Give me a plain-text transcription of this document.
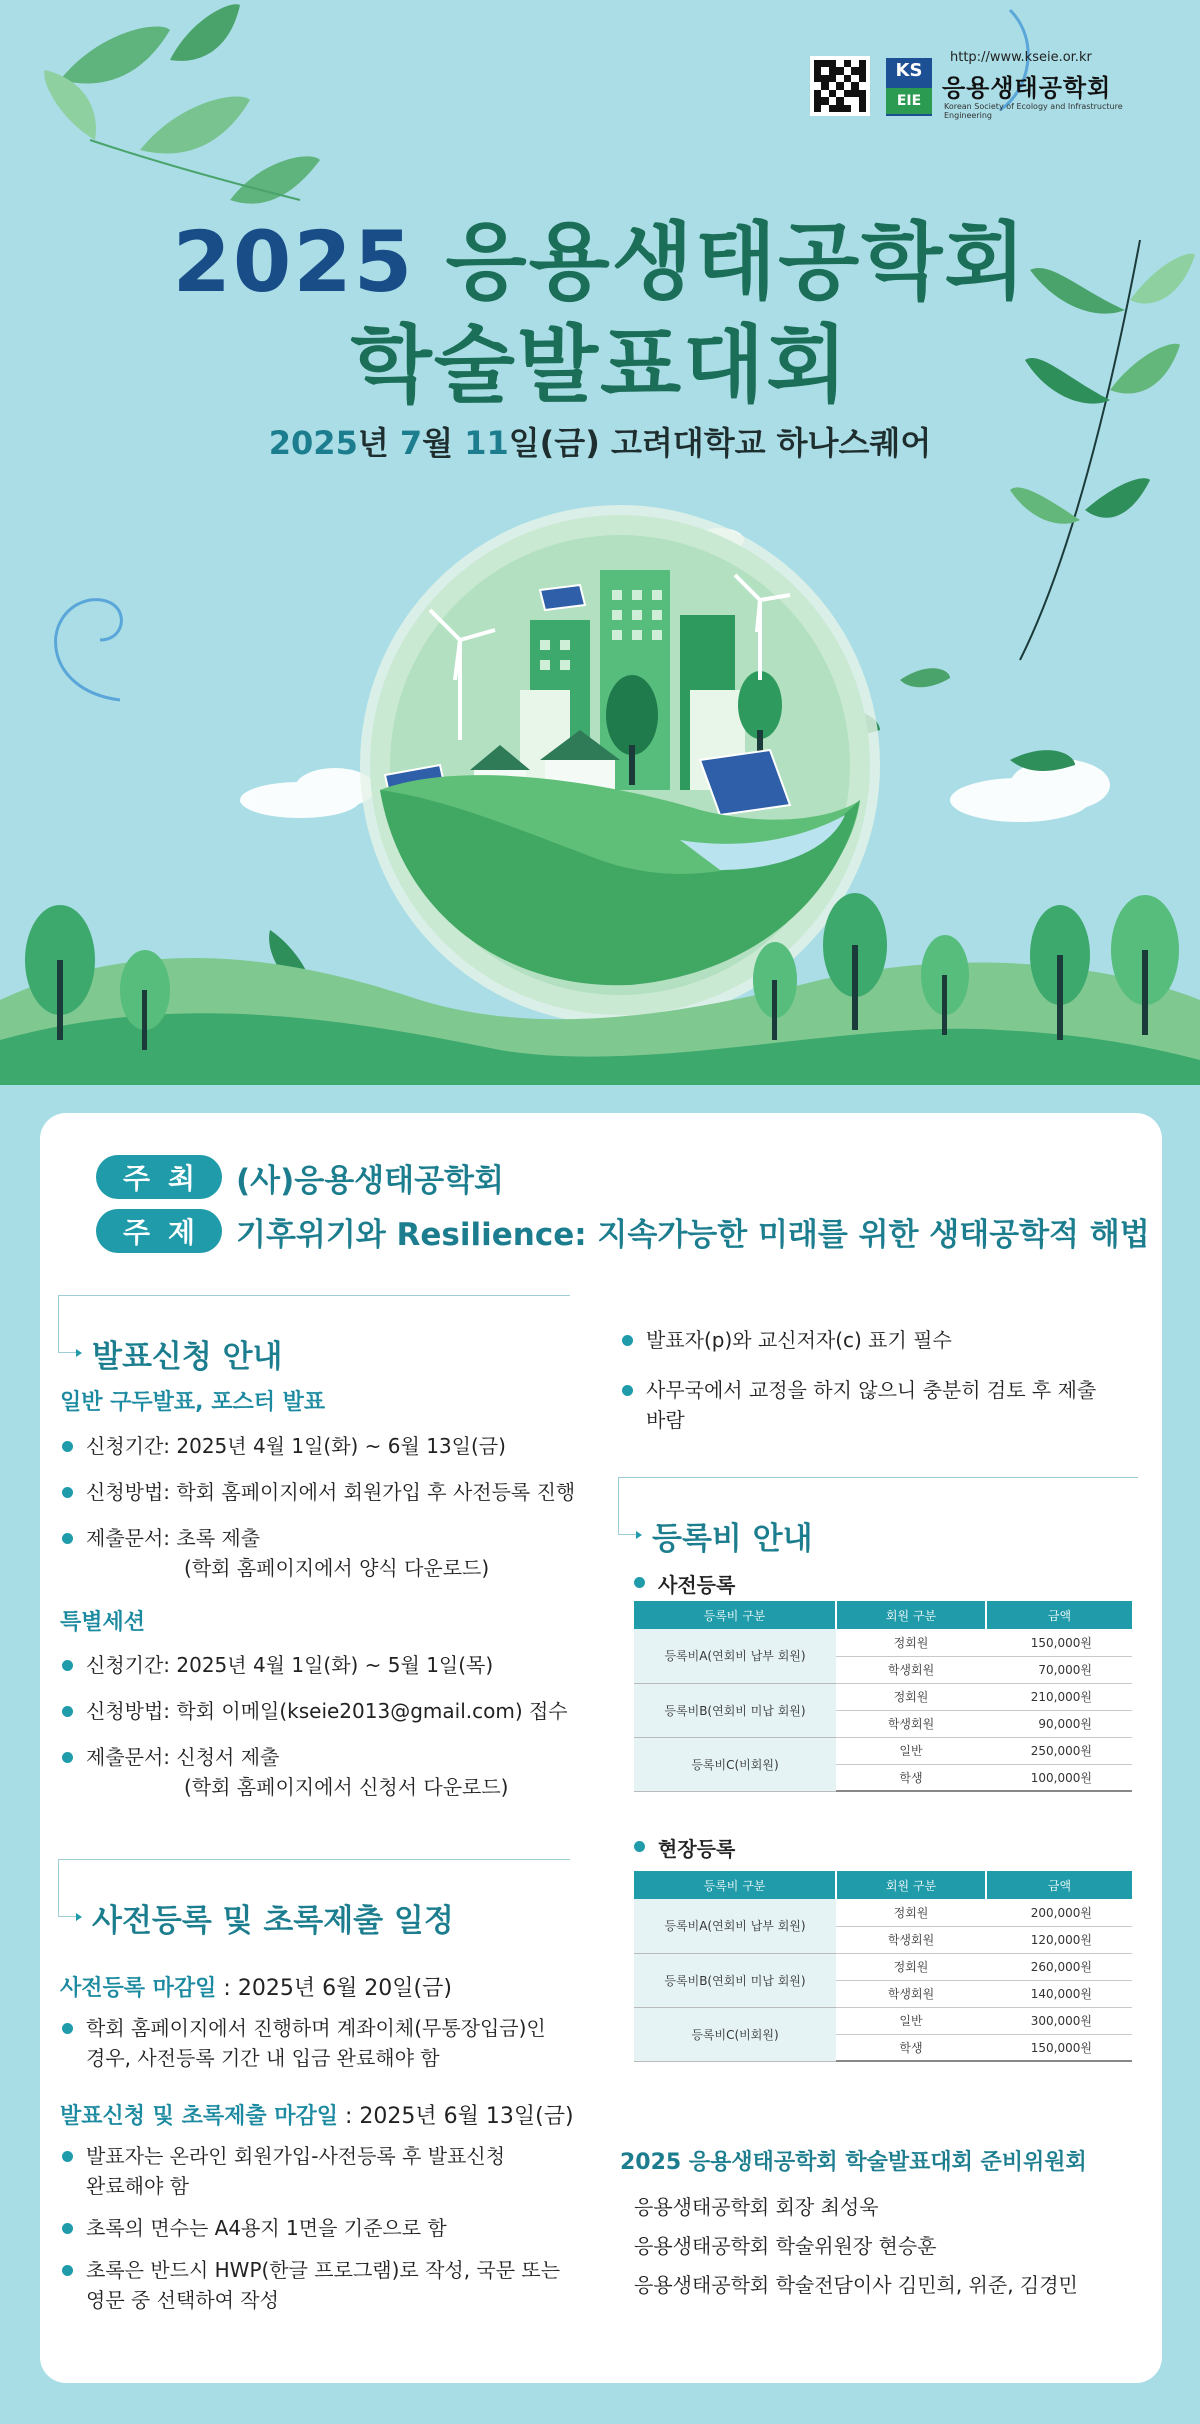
KS
EIE
http://www.kseie.or.kr
응용생태공학회
Korean Society of Ecology and Infrastructure Engineering
2025 응용생태공학회
학술발표대회
2025년 7월 11일(금) 고려대학교 하나스퀘어
주 최 (사)응용생태공학회
주 제 기후위기와 Resilience: 지속가능한 미래를 위한 생태공학적 해법
발표신청 안내
일반 구두발표, 포스터 발표
신청기간: 2025년 4월 1일(화) ~ 6월 13일(금)
신청방법: 학회 홈페이지에서 회원가입 후 사전등록 진행
제출문서: 초록 제출
(학회 홈페이지에서 양식 다운로드)
특별세션
신청기간: 2025년 4월 1일(화) ~ 5월 1일(목)
신청방법: 학회 이메일(kseie2013@gmail.com) 접수
제출문서: 신청서 제출
(학회 홈페이지에서 신청서 다운로드)
사전등록 및 초록제출 일정
사전등록 마감일 : 2025년 6월 20일(금)
학회 홈페이지에서 진행하며 계좌이체(무통장입금)인
경우, 사전등록 기간 내 입금 완료해야 함
발표신청 및 초록제출 마감일 : 2025년 6월 13일(금)
발표자는 온라인 회원가입-사전등록 후 발표신청
완료해야 함
초록의 면수는 A4용지 1면을 기준으로 함
초록은 반드시 HWP(한글 프로그램)로 작성, 국문 또는
영문 중 선택하여 작성
발표자(p)와 교신저자(c) 표기 필수
사무국에서 교정을 하지 않으니 충분히 검토 후 제출
바람
등록비 안내
사전등록
등록비 구분	회원 구분	금액
등록비A(연회비 납부 회원)	정회원	150,000원
	학생회원	70,000원
등록비B(연회비 미납 회원)	정회원	210,000원
	학생회원	90,000원
등록비C(비회원)	일반	250,000원
	학생	100,000원
현장등록
등록비 구분	회원 구분	금액
등록비A(연회비 납부 회원)	정회원	200,000원
	학생회원	120,000원
등록비B(연회비 미납 회원)	정회원	260,000원
	학생회원	140,000원
등록비C(비회원)	일반	300,000원
	학생	150,000원
2025 응용생태공학회 학술발표대회 준비위원회
응용생태공학회 회장 최성욱
응용생태공학회 학술위원장 현승훈
응용생태공학회 학술전담이사 김민희, 위준, 김경민
